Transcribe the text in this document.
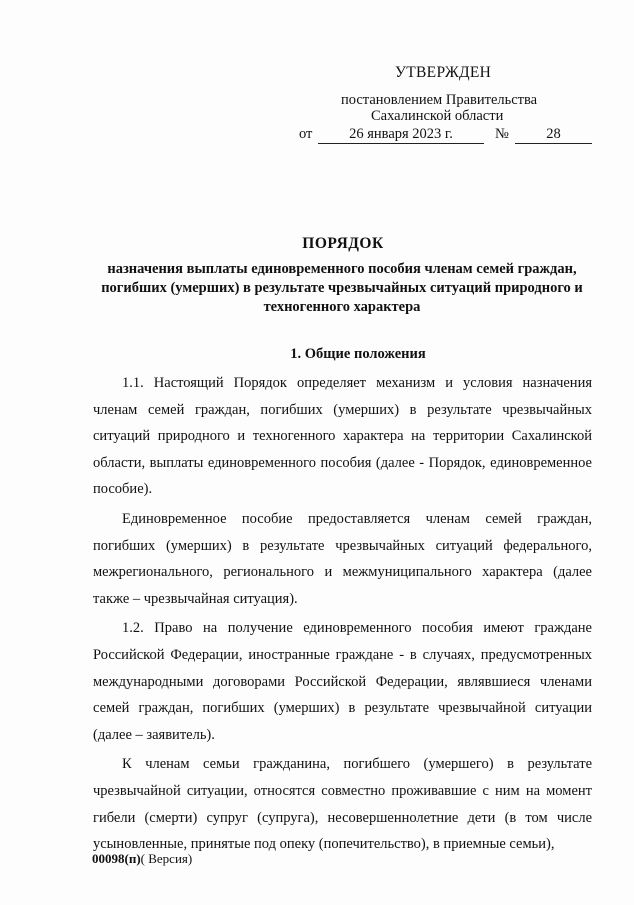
УТВЕРЖДЕН
постановлением Правительства
Сахалинской области
от	26 января 2023 г.	№	28
ПОРЯДОК
назначения выплаты единовременного пособия членам семей граждан, погибших (умерших) в результате чрезвычайных ситуаций природного и техногенного характера
1. Общие положения

1.1. Настоящий Порядок определяет механизм и условия назначения членам семей граждан, погибших (умерших) в результате чрезвычайных ситуаций природного и техногенного характера на территории Сахалинской области, выплаты единовременного пособия (далее - Порядок, единовременное пособие).

Единовременное пособие предоставляется членам семей граждан, погибших (умерших) в результате чрезвычайных ситуаций федерального, межрегионального, регионального и межмуниципального характера (далее также – чрезвычайная ситуация).

1.2. Право на получение единовременного пособия имеют граждане Российской Федерации, иностранные граждане - в случаях, предусмотренных международными договорами Российской Федерации, являвшиеся членами семей граждан, погибших (умерших) в результате чрезвычайной ситуации (далее – заявитель).

К членам семьи гражданина, погибшего (умершего) в результате чрезвычайной ситуации, относятся совместно проживавшие с ним на момент гибели (смерти) супруг (супруга), несовершеннолетние дети (в том числе усыновленные, принятые под опеку (попечительство), в приемные семьи),

00098(п)( Версия)
